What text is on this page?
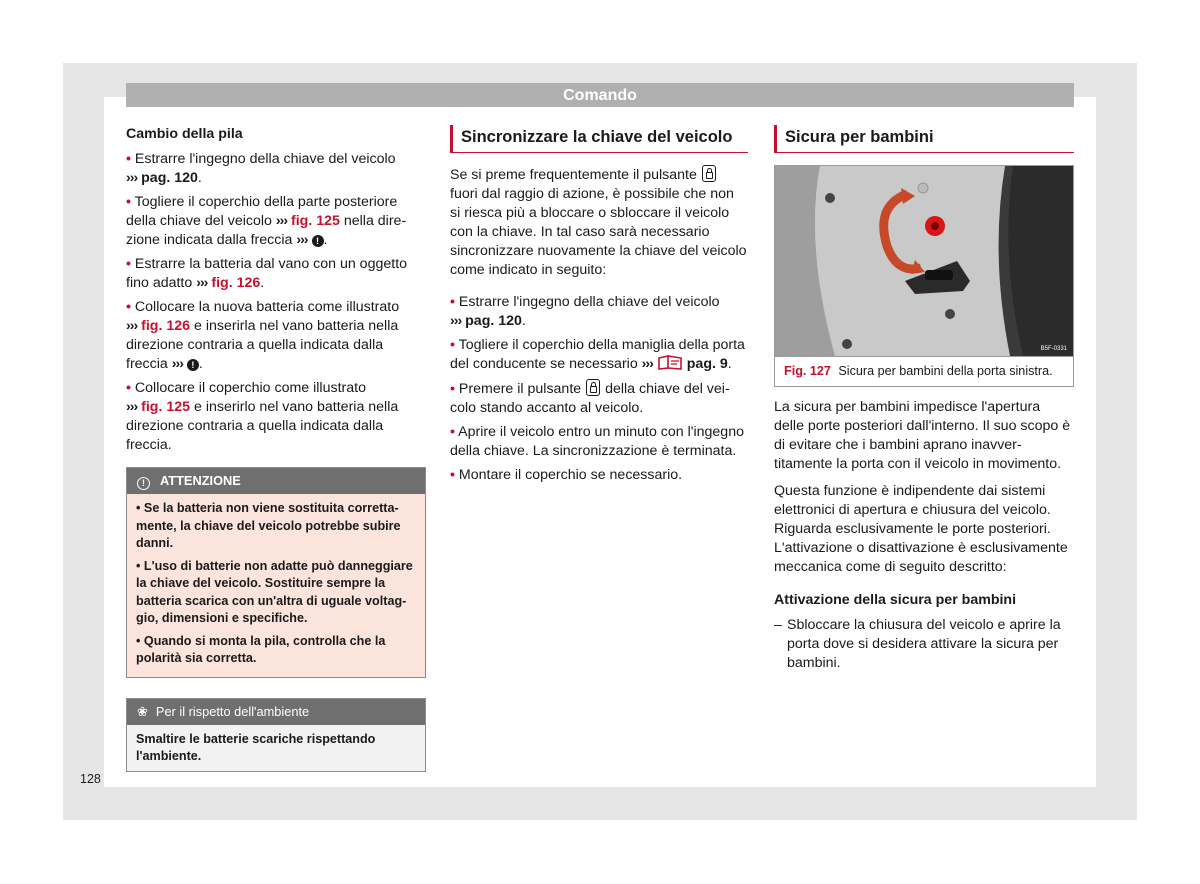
Comando
Cambio della pila
• Estrarre l'ingegno della chiave del veicolo ››› pag. 120.
• Togliere il coperchio della parte posteriore della chiave del veicolo ››› fig. 125 nella direzione indicata dalla freccia ››› ! .
• Estrarre la batteria dal vano con un oggetto fino adatto ››› fig. 126.
• Collocare la nuova batteria come illustrato ››› fig. 126 e inserirla nel vano batteria nella direzione contraria a quella indicata dalla freccia ››› ! .
• Collocare il coperchio come illustrato ››› fig. 125 e inserirlo nel vano batteria nella direzione contraria a quella indicata dalla freccia.
! ATTENZIONE
• Se la batteria non viene sostituita correttamente, la chiave del veicolo potrebbe subire danni.
• L'uso di batterie non adatte può danneggiare la chiave del veicolo. Sostituire sempre la batteria scarica con un'altra di uguale voltaggio, dimensioni e specifiche.
• Quando si monta la pila, controlla che la polarità sia corretta.
❀ Per il rispetto dell'ambiente
Smaltire le batterie scariche rispettando l'ambiente.
Sincronizzare la chiave del veicolo
Se si preme frequentemente il pulsante  fuori dal raggio di azione, è possibile che non si riesca più a bloccare o sbloccare il veicolo con la chiave. In tal caso sarà necessario sincronizzare nuovamente la chiave del veicolo come indicato in seguito:
• Estrarre l'ingegno della chiave del veicolo ››› pag. 120.
• Togliere il coperchio della maniglia della porta del conducente se necessario ››› pag. 9.
• Premere il pulsante della chiave del veicolo stando accanto al veicolo.
• Aprire il veicolo entro un minuto con l'ingegno della chiave. La sincronizzazione è terminata.
• Montare il coperchio se necessario.
Sicura per bambini
B5F-0331
Fig. 127 Sicura per bambini della porta sinistra.
La sicura per bambini impedisce l'apertura delle porte posteriori dall'interno. Il suo scopo è di evitare che i bambini aprano inavvertitamente la porta con il veicolo in movimento.
Questa funzione è indipendente dai sistemi elettronici di apertura e chiusura del veicolo. Riguarda esclusivamente le porte posteriori. L'attivazione o disattivazione è esclusivamente meccanica come di seguito descritto:
Attivazione della sicura per bambini
– Sbloccare la chiusura del veicolo e aprire la porta dove si desidera attivare la sicura per bambini.
128
